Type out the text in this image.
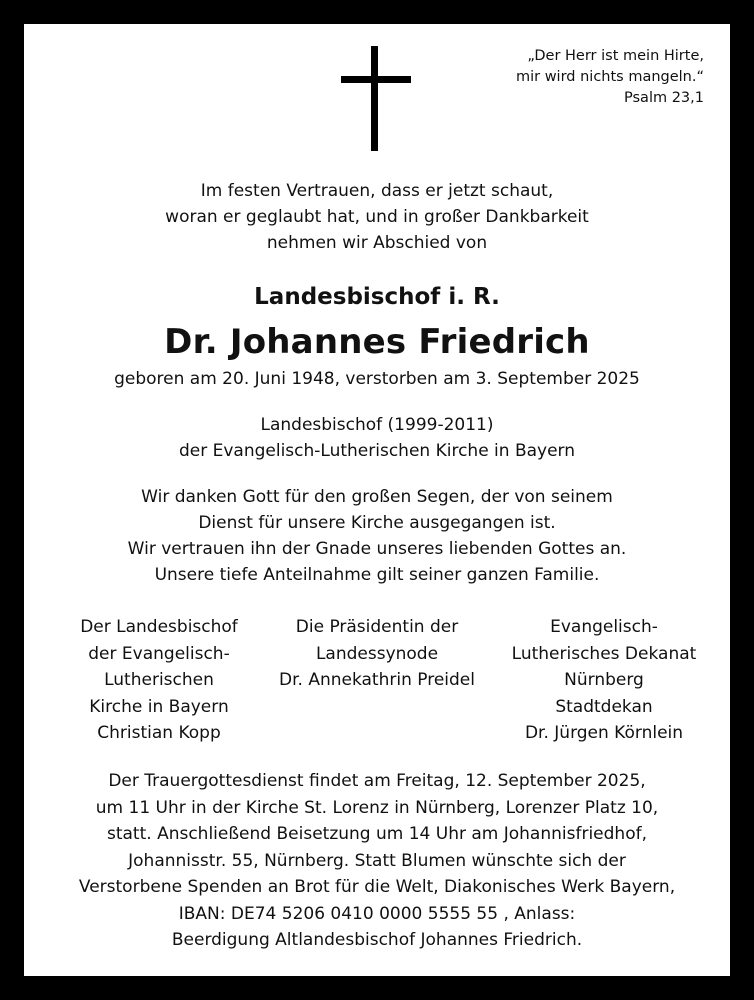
„Der Herr ist mein Hirte,
mir wird nichts mangeln.“
Psalm 23,1
Im festen Vertrauen, dass er jetzt schaut,
woran er geglaubt hat, und in großer Dankbarkeit
nehmen wir Abschied von
Landesbischof i. R.
Dr. Johannes Friedrich
geboren am 20. Juni 1948, verstorben am 3. September 2025
Landesbischof (1999-2011)
der Evangelisch-Lutherischen Kirche in Bayern
Wir danken Gott für den großen Segen, der von seinem
Dienst für unsere Kirche ausgegangen ist.
Wir vertrauen ihn der Gnade unseres liebenden Gottes an.
Unsere tiefe Anteilnahme gilt seiner ganzen Familie.
Der Landesbischof
der Evangelisch-
Lutherischen
Kirche in Bayern
Christian Kopp
Die Präsidentin der
Landessynode
Dr. Annekathrin Preidel
Evangelisch-
Lutherisches Dekanat
Nürnberg
Stadtdekan
Dr. Jürgen Körnlein
Der Trauergottesdienst findet am Freitag, 12. September 2025,
um 11 Uhr in der Kirche St. Lorenz in Nürnberg, Lorenzer Platz 10,
statt. Anschließend Beisetzung um 14 Uhr am Johannisfriedhof,
Johannisstr. 55, Nürnberg. Statt Blumen wünschte sich der
Verstorbene Spenden an Brot für die Welt, Diakonisches Werk Bayern,
IBAN: DE74 5206 0410 0000 5555 55 , Anlass:
Beerdigung Altlandesbischof Johannes Friedrich.
